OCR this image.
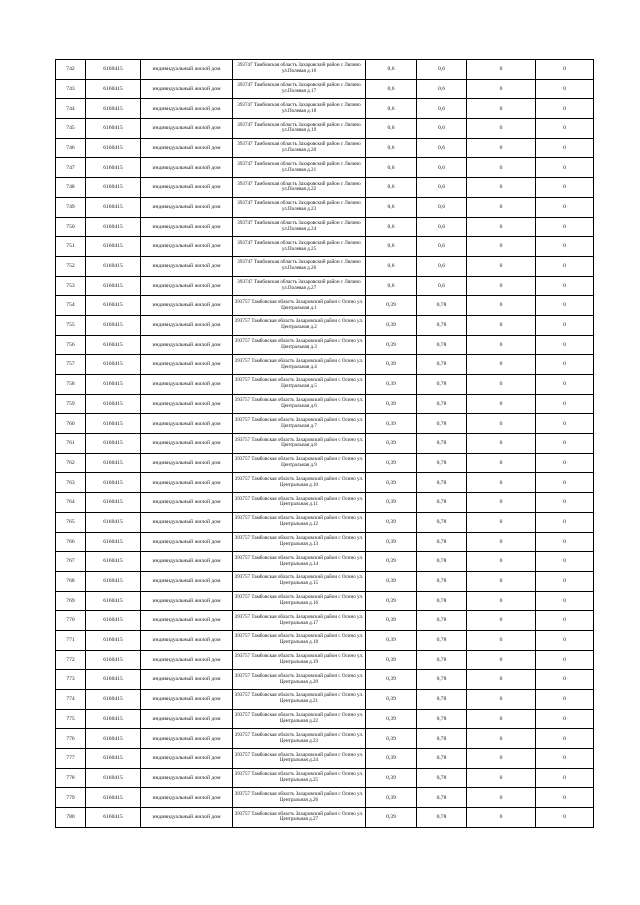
742	6160415	индивидуальный жилой дом	393747 Тамбовская область Захаровский район с Лялино ул.Полевая д.16	0,6	0,6	0	0
743	6160415	индивидуальный жилой дом	393747 Тамбовская область Захаровский район с Лялино ул.Полевая д.17	0,6	0,6	0	0
744	6160415	индивидуальный жилой дом	393747 Тамбовская область Захаровский район с Лялино ул.Полевая д.18	0,6	0,6	0	0
745	6160415	индивидуальный жилой дом	393747 Тамбовская область Захаровский район с Лялино ул.Полевая д.19	0,6	0,6	0	0
746	6160415	индивидуальный жилой дом	393747 Тамбовская область Захаровский район с Лялино ул.Полевая д.20	0,6	0,6	0	0
747	6160415	индивидуальный жилой дом	393747 Тамбовская область Захаровский район с Лялино ул.Полевая д.21	0,6	0,6	0	0
748	6160415	индивидуальный жилой дом	393747 Тамбовская область Захаровский район с Лялино ул.Полевая д.22	0,6	0,6	0	0
749	6160415	индивидуальный жилой дом	393747 Тамбовская область Захаровский район с Лялино ул.Полевая д.23	0,6	0,6	0	0
750	6160415	индивидуальный жилой дом	393747 Тамбовская область Захаровский район с Лялино ул.Полевая д.24	0,6	0,6	0	0
751	6160415	индивидуальный жилой дом	393747 Тамбовская область Захаровский район с Лялино ул.Полевая д.25	0,6	0,6	0	0
752	6160415	индивидуальный жилой дом	393747 Тамбовская область Захаровский район с Лялино ул.Полевая д.26	0,6	0,6	0	0
753	6160415	индивидуальный жилой дом	393747 Тамбовская область Захаровский район с Лялино ул.Полевая д.27	0,6	0,6	0	0
754	6160415	индивидуальный жилой дом	393757 Тамбовская область Захаровский район с Осино ул. Центральная д.1	0,39	0,78	0	0
755	6160415	индивидуальный жилой дом	393757 Тамбовская область Захаровский район с Осино ул. Центральная д.2	0,39	0,78	0	0
756	6160415	индивидуальный жилой дом	393757 Тамбовская область Захаровский район с Осино ул. Центральная д.3	0,39	0,78	0	0
757	6160415	индивидуальный жилой дом	393757 Тамбовская область Захаровский район с Осино ул. Центральная д.4	0,39	0,78	0	0
758	6160415	индивидуальный жилой дом	393757 Тамбовская область Захаровский район с Осино ул. Центральная д.5	0,39	0,78	0	0
759	6160415	индивидуальный жилой дом	393757 Тамбовская область Захаровский район с Осино ул. Центральная д.6	0,39	0,78	0	0
760	6160415	индивидуальный жилой дом	393757 Тамбовская область Захаровский район с Осино ул. Центральная д.7	0,39	0,78	0	0
761	6160415	индивидуальный жилой дом	393757 Тамбовская область Захаровский район с Осино ул. Центральная д.8	0,39	0,78	0	0
762	6160415	индивидуальный жилой дом	393757 Тамбовская область Захаровский район с Осино ул. Центральная д.9	0,39	0,78	0	0
763	6160415	индивидуальный жилой дом	393757 Тамбовская область Захаровский район с Осино ул. Центральная д.10	0,39	0,78	0	0
764	6160415	индивидуальный жилой дом	393757 Тамбовская область Захаровский район с Осино ул. Центральная д.11	0,39	0,78	0	0
765	6160415	индивидуальный жилой дом	393757 Тамбовская область Захаровский район с Осино ул. Центральная д.12	0,39	0,78	0	0
766	6160415	индивидуальный жилой дом	393757 Тамбовская область Захаровский район с Осино ул. Центральная д.13	0,39	0,78	0	0
767	6160415	индивидуальный жилой дом	393757 Тамбовская область Захаровский район с Осино ул. Центральная д.14	0,39	0,78	0	0
768	6160415	индивидуальный жилой дом	393757 Тамбовская область Захаровский район с Осино ул. Центральная д.15	0,39	0,78	0	0
769	6160415	индивидуальный жилой дом	393757 Тамбовская область Захаровский район с Осино ул. Центральная д.16	0,39	0,78	0	0
770	6160415	индивидуальный жилой дом	393757 Тамбовская область Захаровский район с Осино ул. Центральная д.17	0,39	0,78	0	0
771	6160415	индивидуальный жилой дом	393757 Тамбовская область Захаровский район с Осино ул. Центральная д.18	0,39	0,78	0	0
772	6160415	индивидуальный жилой дом	393757 Тамбовская область Захаровский район с Осино ул. Центральная д.19	0,39	0,78	0	0
773	6160415	индивидуальный жилой дом	393757 Тамбовская область Захаровский район с Осино ул. Центральная д.20	0,39	0,78	0	0
774	6160415	индивидуальный жилой дом	393757 Тамбовская область Захаровский район с Осино ул. Центральная д.21	0,39	0,78	0	0
775	6160415	индивидуальный жилой дом	393757 Тамбовская область Захаровский район с Осино ул. Центральная д.22	0,39	0,78	0	0
776	6160415	индивидуальный жилой дом	393757 Тамбовская область Захаровский район с Осино ул. Центральная д.23	0,39	0,78	0	0
777	6160415	индивидуальный жилой дом	393757 Тамбовская область Захаровский район с Осино ул. Центральная д.24	0,39	0,78	0	0
778	6160415	индивидуальный жилой дом	393757 Тамбовская область Захаровский район с Осино ул. Центральная д.25	0,39	0,78	0	0
779	6160415	индивидуальный жилой дом	393757 Тамбовская область Захаровский район с Осино ул. Центральная д.26	0,39	0,78	0	0
780	6160415	индивидуальный жилой дом	393757 Тамбовская область Захаровский район с Осино ул. Центральная д.27	0,39	0,78	0	0
